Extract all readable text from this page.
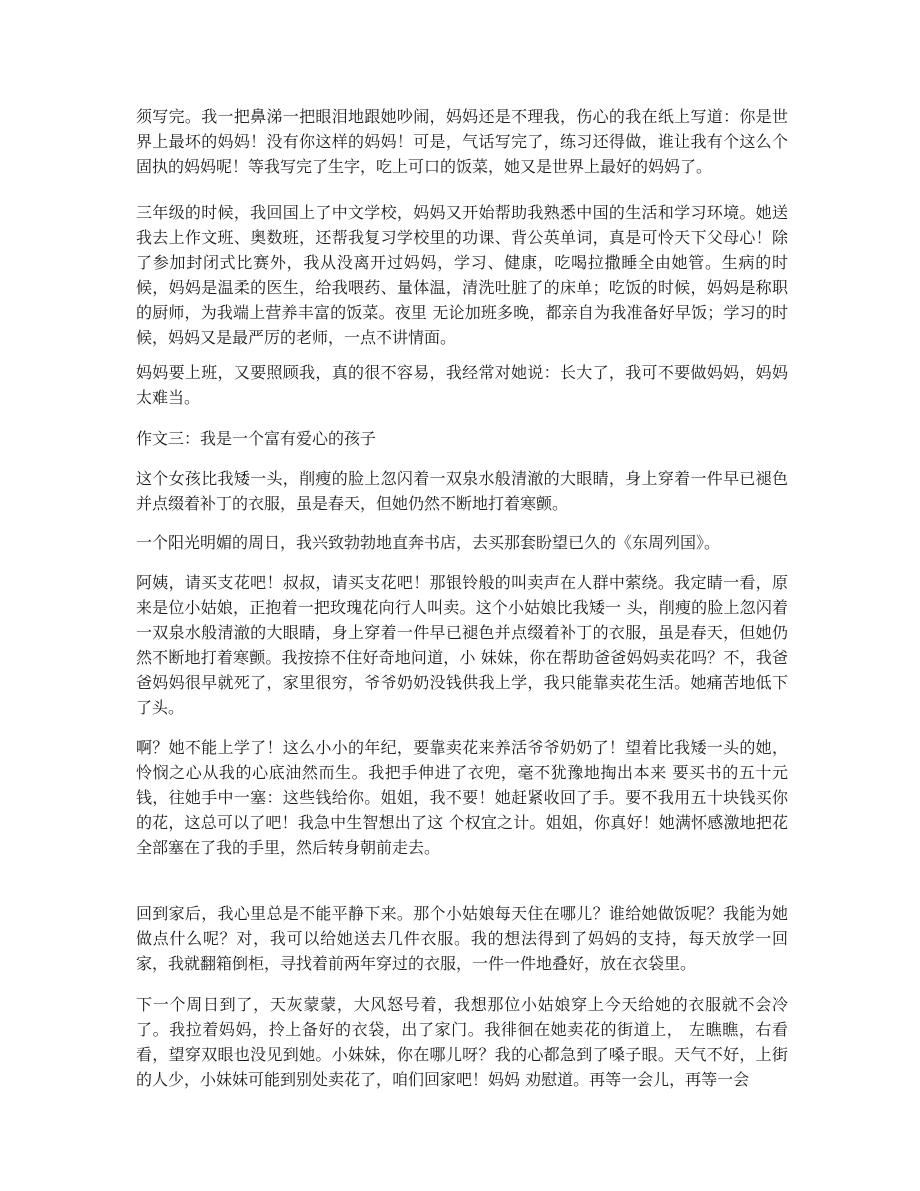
须写完。我一把鼻涕一把眼泪地跟她吵闹，妈妈还是不理我，伤心的我在纸上写道：你是世界上最坏的妈妈！没有你这样的妈妈！可是，气话写完了，练习还得做，谁让我有个这么个固执的妈妈呢！等我写完了生字，吃上可口的饭菜，她又是世界上最好的妈妈了。

三年级的时候，我回国上了中文学校，妈妈又开始帮助我熟悉中国的生活和学习环境。她送我去上作文班、奥数班，还帮我复习学校里的功课、背公英单词，真是可怜天下父母心！除了参加封闭式比赛外，我从没离开过妈妈，学习、健康，吃喝拉撒睡全由她管。生病的时候，妈妈是温柔的医生，给我喂药、量体温，清洗吐脏了的床单；吃饭的时候，妈妈是称职的厨师，为我端上营养丰富的饭菜。夜里 无论加班多晚，都亲自为我准备好早饭；学习的时候，妈妈又是最严厉的老师，一点不讲情面。

妈妈要上班，又要照顾我，真的很不容易，我经常对她说：长大了，我可不要做妈妈，妈妈太难当。

作文三：我是一个富有爱心的孩子

这个女孩比我矮一头，削瘦的脸上忽闪着一双泉水般清澈的大眼睛，身上穿着一件早已褪色并点缀着补丁的衣服，虽是春天，但她仍然不断地打着寒颤。

一个阳光明媚的周日，我兴致勃勃地直奔书店，去买那套盼望已久的《东周列国》。

阿姨，请买支花吧！叔叔，请买支花吧！那银铃般的叫卖声在人群中萦绕。我定睛一看，原来是位小姑娘，正抱着一把玫瑰花向行人叫卖。这个小姑娘比我矮一 头，削瘦的脸上忽闪着一双泉水般清澈的大眼睛，身上穿着一件早已褪色并点缀着补丁的衣服，虽是春天，但她仍然不断地打着寒颤。我按捺不住好奇地问道，小 妹妹，你在帮助爸爸妈妈卖花吗？不，我爸爸妈妈很早就死了，家里很穷，爷爷奶奶没钱供我上学，我只能靠卖花生活。她痛苦地低下了头。

啊？她不能上学了！这么小小的年纪，要靠卖花来养活爷爷奶奶了！望着比我矮一头的她，怜悯之心从我的心底油然而生。我把手伸进了衣兜，毫不犹豫地掏出本来 要买书的五十元钱，往她手中一塞：这些钱给你。姐姐，我不要！她赶紧收回了手。要不我用五十块钱买你的花，这总可以了吧！我急中生智想出了这 个权宜之计。姐姐，你真好！她满怀感激地把花全部塞在了我的手里，然后转身朝前走去。

回到家后，我心里总是不能平静下来。那个小姑娘每天住在哪儿？谁给她做饭呢？我能为她做点什么呢？对，我可以给她送去几件衣服。我的想法得到了妈妈的支持，每天放学一回家，我就翻箱倒柜，寻找着前两年穿过的衣服，一件一件地叠好，放在衣袋里。

下一个周日到了，天灰蒙蒙，大风怒号着，我想那位小姑娘穿上今天给她的衣服就不会冷了。我拉着妈妈，拎上备好的衣袋，出了家门。我徘徊在她卖花的街道上， 左瞧瞧，右看看，望穿双眼也没见到她。小妹妹，你在哪儿呀？我的心都急到了嗓子眼。天气不好，上街的人少，小妹妹可能到别处卖花了，咱们回家吧！妈妈 劝慰道。再等一会儿，再等一会
